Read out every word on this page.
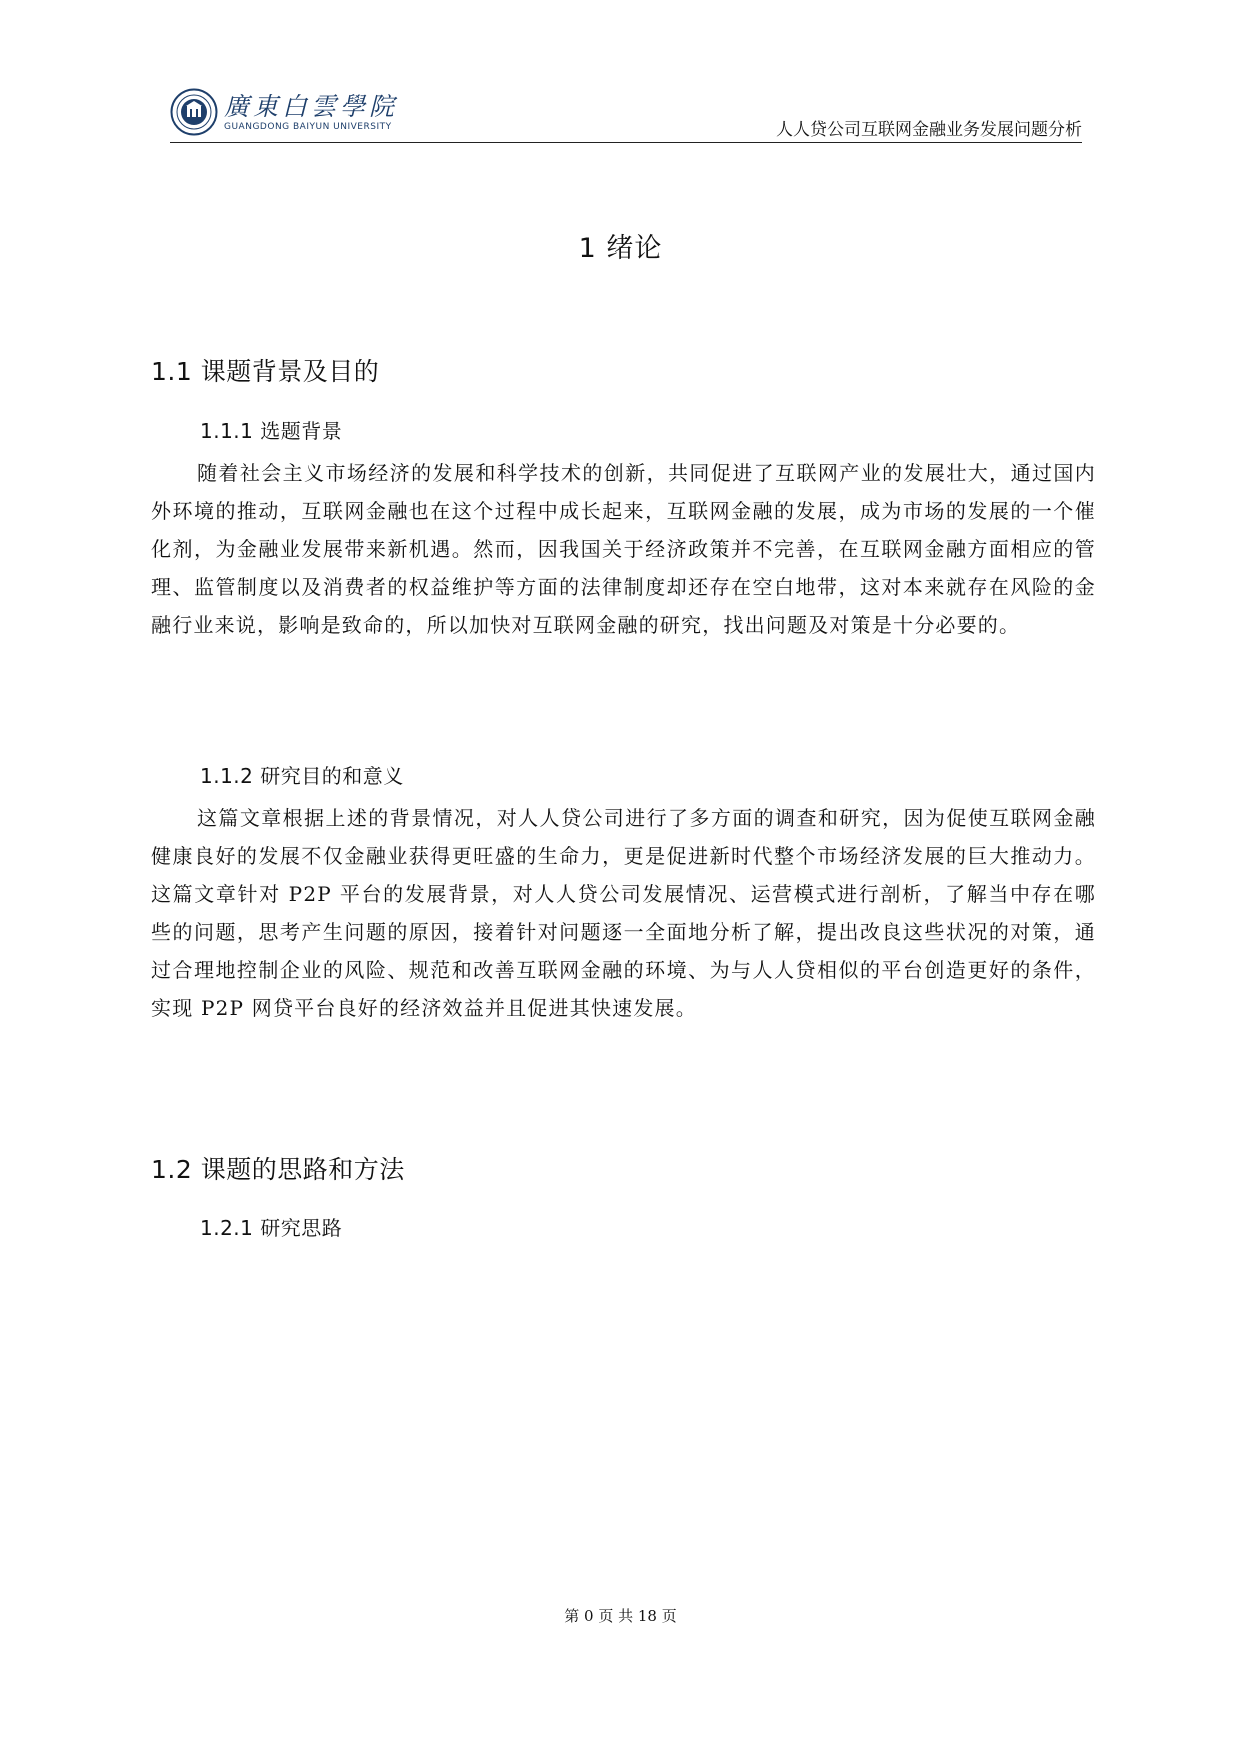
廣東白雲學院
GUANGDONG BAIYUN UNIVERSITY	人人贷公司互联网金融业务发展问题分析
1 绪论
1.1 课题背景及目的
1.1.1 选题背景
随着社会主义市场经济的发展和科学技术的创新，共同促进了互联网产业的发展壮大，通过国内外环境的推动，互联网金融也在这个过程中成长起来，互联网金融的发展，成为市场的发展的一个催化剂，为金融业发展带来新机遇。然而，因我国关于经济政策并不完善，在互联网金融方面相应的管理、监管制度以及消费者的权益维护等方面的法律制度却还存在空白地带，这对本来就存在风险的金融行业来说，影响是致命的，所以加快对互联网金融的研究，找出问题及对策是十分必要的。
1.1.2 研究目的和意义
这篇文章根据上述的背景情况，对人人贷公司进行了多方面的调查和研究，因为促使互联网金融健康良好的发展不仅金融业获得更旺盛的生命力，更是促进新时代整个市场经济发展的巨大推动力。这篇文章针对 P2P 平台的发展背景，对人人贷公司发展情况、运营模式进行剖析，了解当中存在哪些的问题，思考产生问题的原因，接着针对问题逐一全面地分析了解，提出改良这些状况的对策，通过合理地控制企业的风险、规范和改善互联网金融的环境、为与人人贷相似的平台创造更好的条件，实现 P2P 网贷平台良好的经济效益并且促进其快速发展。
1.2 课题的思路和方法
1.2.1 研究思路
第 0 页 共 18 页
